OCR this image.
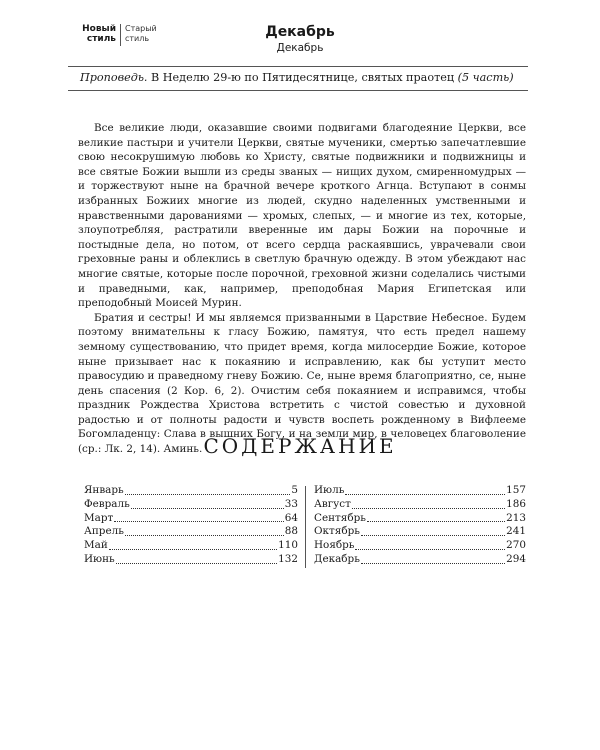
Новый стиль
Старый стиль	Декабрь
Декабрь
Проповедь. В Неделю 29-ю по Пятидесятнице, святых праотец (5 часть)

Все великие люди, оказавшие своими подвигами благодеяние Церкви, все великие пастыри и учители Церкви, святые мученики, смертью запечатлевшие свою несокрушимую любовь ко Христу, святые подвижники и подвижницы и все святые Божии вышли из среды званых — нищих духом, смиренномудрых — и торжествуют ныне на брачной вечере кроткого Агнца. Вступают в сонмы избранных Божиих многие из людей, скудно наделенных умственными и нравственными дарованиями — хромых, слепых, — и многие из тех, которые, злоупотребляя, растратили вверенные им дары Божии на порочные и постыдные дела, но потом, от всего сердца раскаявшись, уврачевали свои греховные раны и облеклись в светлую брачную одежду. В этом убеждают нас многие святые, которые после порочной, греховной жизни соделались чистыми и праведными, как, например, преподобная Мария Египетская или преподобный Моисей Мурин.

Братия и сестры! И мы являемся призванными в Царствие Небесное. Будем поэтому внимательны к гласу Божию, памятуя, что есть предел нашему земному существованию, что придет время, когда милосердие Божие, которое ныне призывает нас к покаянию и исправлению, как бы уступит место правосудию и праведному гневу Божию. Се, ныне время благоприятно, се, ныне день спасения (2 Кор. 6, 2). Очистим себя покаянием и исправимся, чтобы праздник Рождества Христова встретить с чистой совестью и духовной радостью и от полноты радости и чувств воспеть рожденному в Вифлееме Богомладенцу: Слава в вышних Богу, и на земли мир, в человецех благоволение (ср.: Лк. 2, 14). Аминь. СОДЕРЖАНИЕ
Январь	5
Февраль	33
Март	64
Апрель	88
Май	110
Июнь	132
Июль	157
Август	186
Сентябрь	213
Октябрь	241
Ноябрь	270
Декабрь	294
